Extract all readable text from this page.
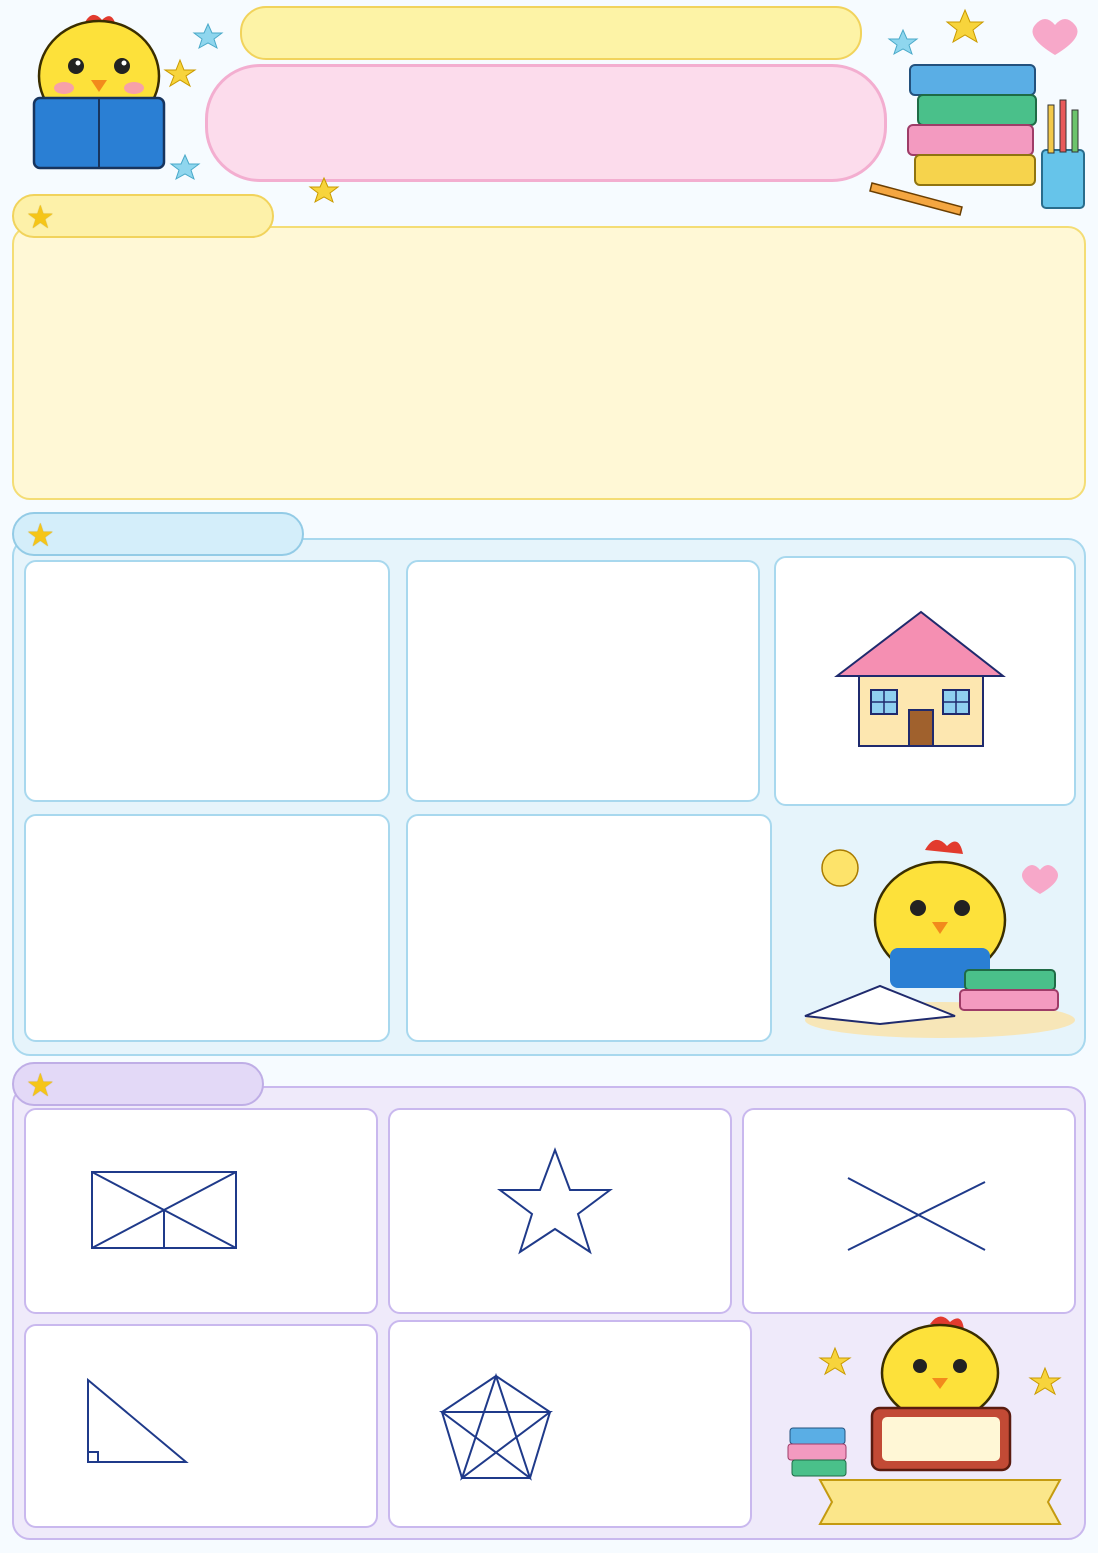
★
★
★
